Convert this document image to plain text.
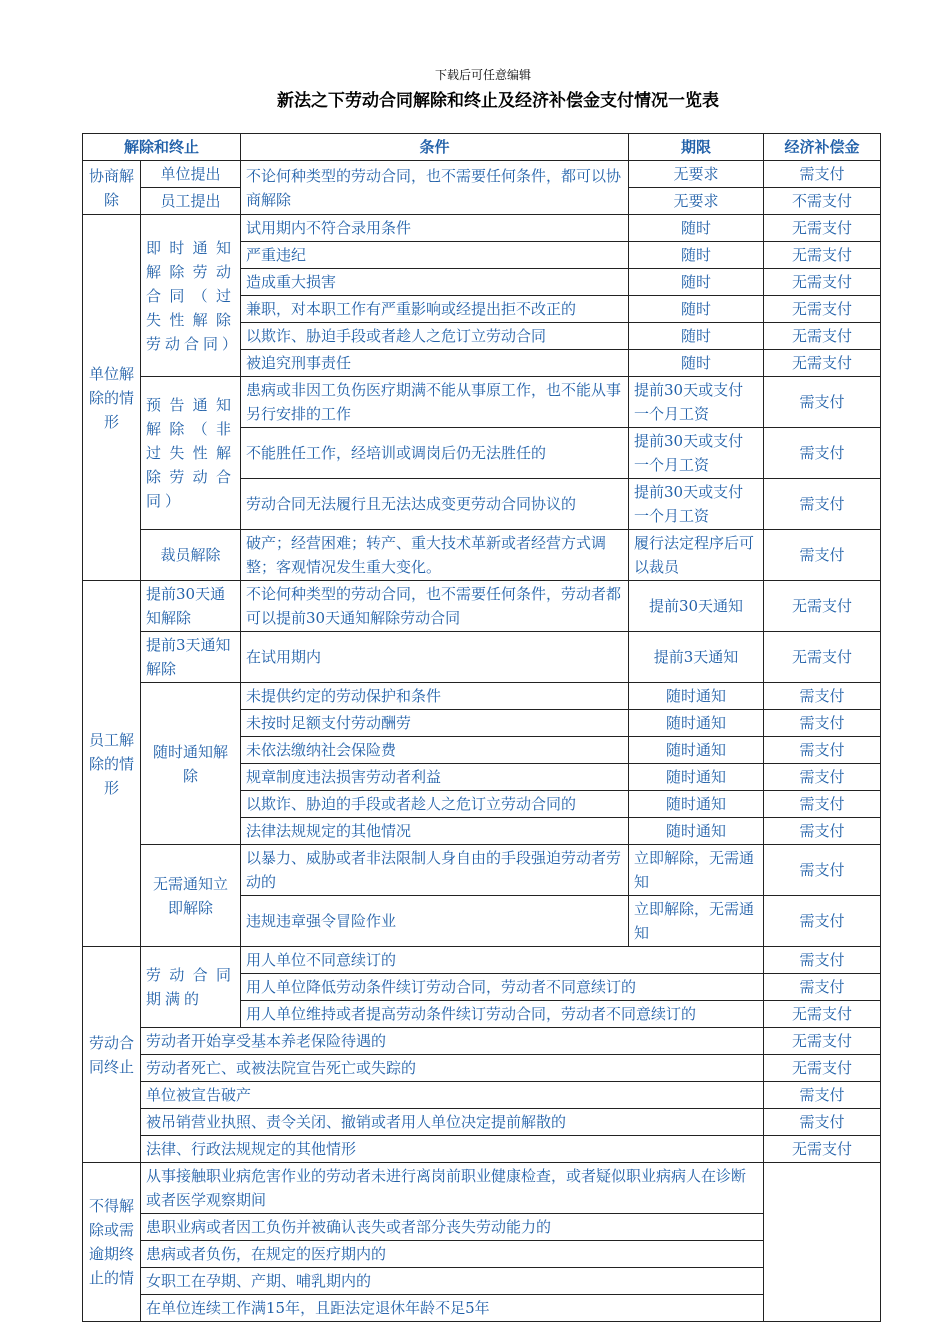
下载后可任意编辑
新法之下劳动合同解除和终止及经济补偿金支付情况一览表
解除和终止		条件	期限	经济补偿金
协商解除	单位提出	不论何种类型的劳动合同，也不需要任何条件，都可以协商解除	无要求	需支付
	员工提出		无要求	不需支付
单位解除的情形	即时通知解除劳动合同（过失性解除劳动合同）	试用期内不符合录用条件	随时	无需支付
		严重违纪	随时	无需支付
		造成重大损害	随时	无需支付
		兼职，对本职工作有严重影响或经提出拒不改正的	随时	无需支付
		以欺诈、胁迫手段或者趁人之危订立劳动合同	随时	无需支付
		被追究刑事责任	随时	无需支付
	预告通知解除（非过失性解除劳动合同）	患病或非因工负伤医疗期满不能从事原工作，也不能从事另行安排的工作	提前30天或支付一个月工资	需支付
		不能胜任工作，经培训或调岗后仍无法胜任的	提前30天或支付一个月工资	需支付
		劳动合同无法履行且无法达成变更劳动合同协议的	提前30天或支付一个月工资	需支付
	裁员解除	破产；经营困难；转产、重大技术革新或者经营方式调整；客观情况发生重大变化。	履行法定程序后可以裁员	需支付
员工解除的情形	提前30天通知解除	不论何种类型的劳动合同，也不需要任何条件，劳动者都可以提前30天通知解除劳动合同	提前30天通知	无需支付
	提前3天通知解除	在试用期内	提前3天通知	无需支付
	随时通知解除	未提供约定的劳动保护和条件	随时通知	需支付
		未按时足额支付劳动酬劳	随时通知	需支付
		未依法缴纳社会保险费	随时通知	需支付
		规章制度违法损害劳动者利益	随时通知	需支付
		以欺诈、胁迫的手段或者趁人之危订立劳动合同的	随时通知	需支付
		法律法规规定的其他情况	随时通知	需支付
	无需通知立即解除	以暴力、威胁或者非法限制人身自由的手段强迫劳动者劳动的	立即解除，无需通知	需支付
		违规违章强令冒险作业	立即解除，无需通知	需支付
劳动合同终止	劳动合同期满的	用人单位不同意续订的		需支付
		用人单位降低劳动条件续订劳动合同，劳动者不同意续订的		需支付
		用人单位维持或者提高劳动条件续订劳动合同，劳动者不同意续订的		无需支付
	劳动者开始享受基本养老保险待遇的			无需支付
	劳动者死亡、或被法院宣告死亡或失踪的			无需支付
	单位被宣告破产			需支付
	被吊销营业执照、责令关闭、撤销或者用人单位决定提前解散的			需支付
	法律、行政法规规定的其他情形			无需支付
不得解除或需逾期终止的情	从事接触职业病危害作业的劳动者未进行离岗前职业健康检查，或者疑似职业病病人在诊断或者医学观察期间			
	患职业病或者因工负伤并被确认丧失或者部分丧失劳动能力的			
	患病或者负伤，在规定的医疗期内的			
	女职工在孕期、产期、哺乳期内的			
	在单位连续工作满15年，且距法定退休年龄不足5年			
